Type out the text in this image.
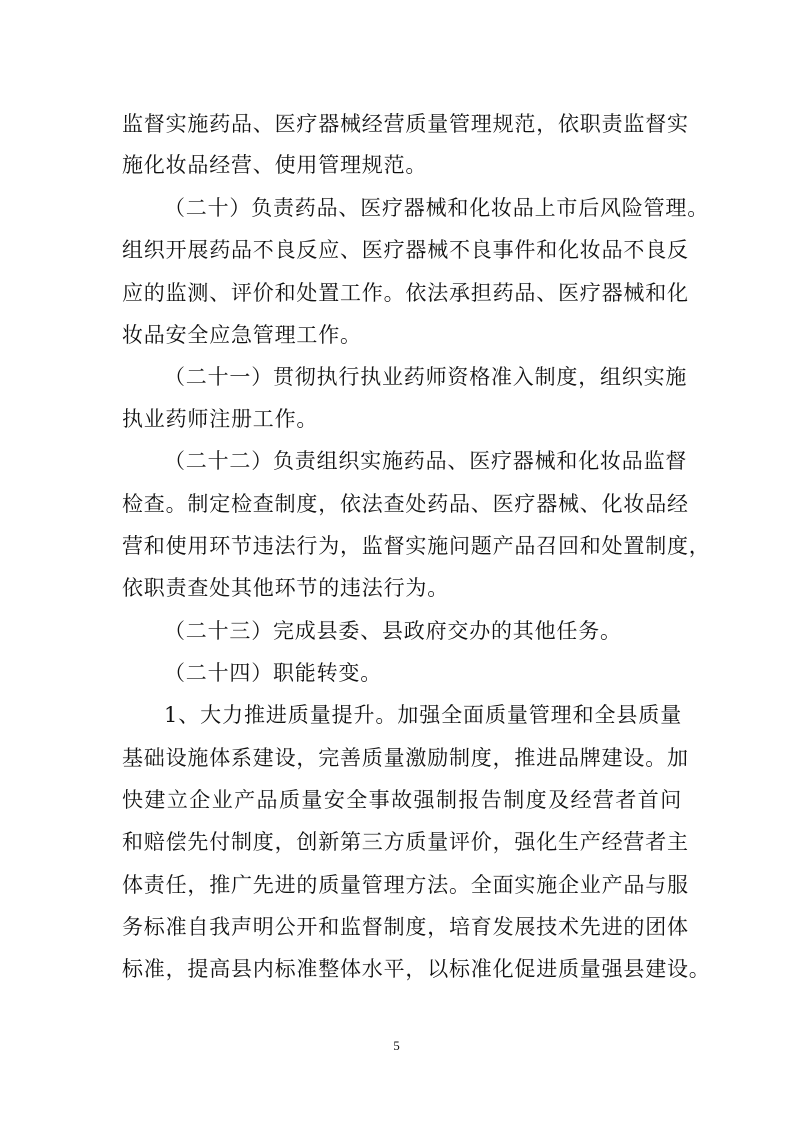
监督实施药品、医疗器械经营质量管理规范，依职责监督实
施化妆品经营、使用管理规范。
（二十）负责药品、医疗器械和化妆品上市后风险管理。
组织开展药品不良反应、医疗器械不良事件和化妆品不良反
应的监测、评价和处置工作。依法承担药品、医疗器械和化
妆品安全应急管理工作。
（二十一）贯彻执行执业药师资格准入制度，组织实施
执业药师注册工作。
（二十二）负责组织实施药品、医疗器械和化妆品监督
检查。制定检查制度，依法查处药品、医疗器械、化妆品经
营和使用环节违法行为，监督实施问题产品召回和处置制度，
依职责查处其他环节的违法行为。
（二十三）完成县委、县政府交办的其他任务。
（二十四）职能转变。
1、大力推进质量提升。加强全面质量管理和全县质量
基础设施体系建设，完善质量激励制度，推进品牌建设。加
快建立企业产品质量安全事故强制报告制度及经营者首问
和赔偿先付制度，创新第三方质量评价，强化生产经营者主
体责任，推广先进的质量管理方法。全面实施企业产品与服
务标准自我声明公开和监督制度，培育发展技术先进的团体
标准，提高县内标准整体水平，以标准化促进质量强县建设。
5
